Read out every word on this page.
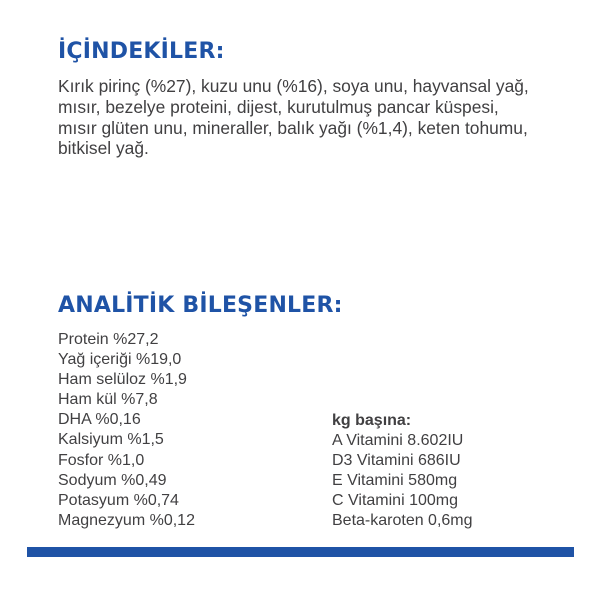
İÇİNDEKİLER:

Kırık pirinç (%27), kuzu unu (%16), soya unu, hayvansal yağ, mısır, bezelye proteini, dijest, kurutulmuş pancar küspesi, mısır glüten unu, mineraller, balık yağı (%1,4), keten tohumu, bitkisel yağ.

ANALİTİK BİLEŞENLER:
Protein %27,2
Yağ içeriği %19,0
Ham selüloz %1,9
Ham kül %7,8
DHA %0,16
Kalsiyum %1,5
Fosfor %1,0
Sodyum %0,49
Potasyum %0,74
Magnezyum %0,12

kg başına:

A Vitamini 8.602IU
D3 Vitamini 686IU
E Vitamini 580mg
C Vitamini 100mg
Beta-karoten 0,6mg
